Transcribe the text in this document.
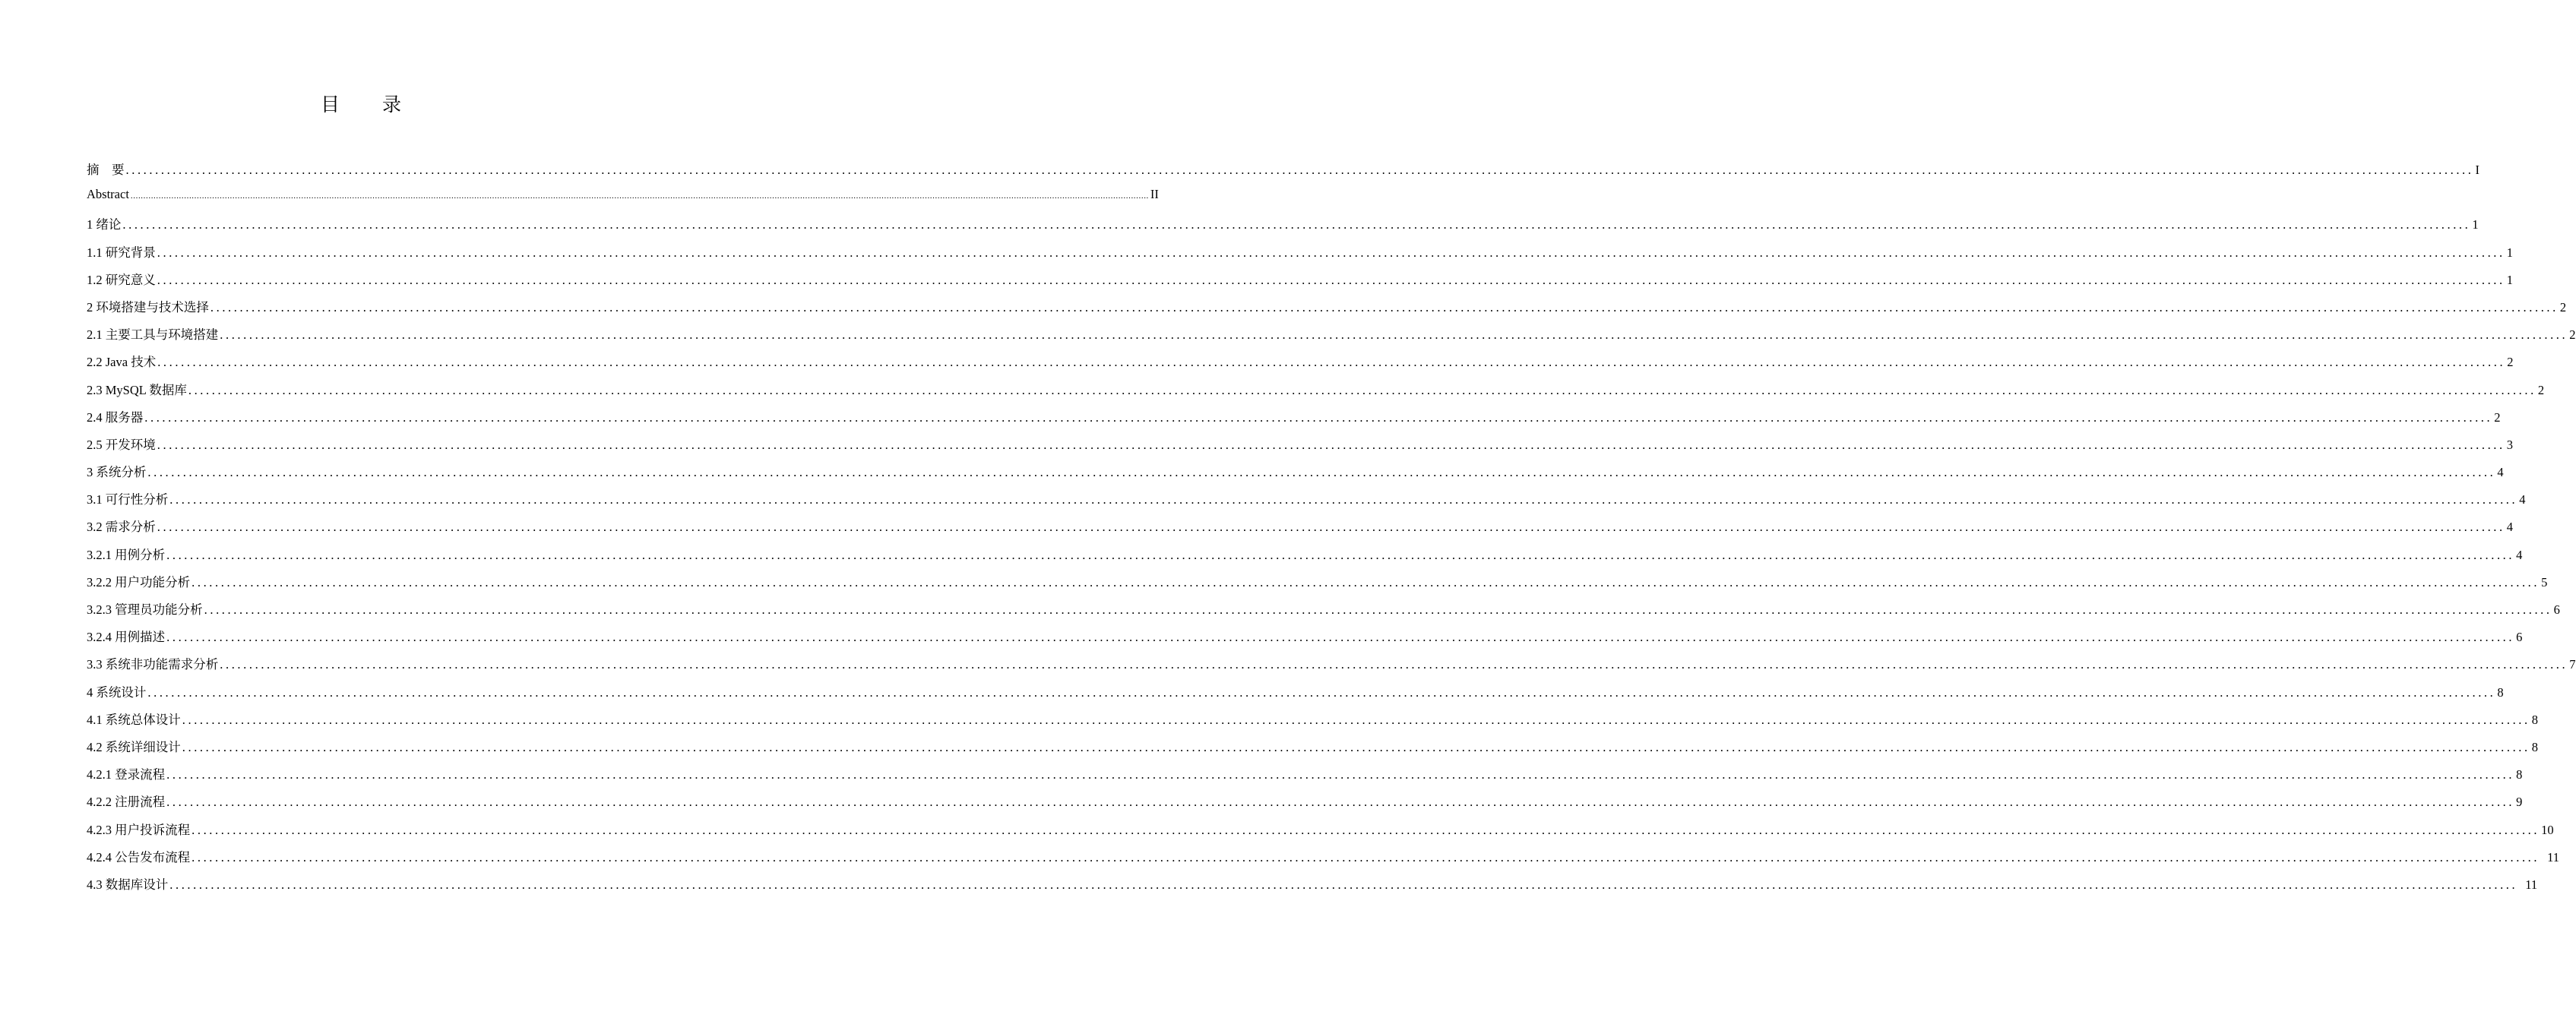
目 录
摘　要 ................................................................................................................................................................................................................................................................................................................................................................................................................ I
Abstract ................................................................................................................................................................................................................................................................................................................................................................................................................ II
1 绪论 ................................................................................................................................................................................................................................................................................................................................................................................................................ 1
1.1 研究背景 ................................................................................................................................................................................................................................................................................................................................................................................................................ 1
1.2 研究意义 ................................................................................................................................................................................................................................................................................................................................................................................................................ 1
2 环境搭建与技术选择 ................................................................................................................................................................................................................................................................................................................................................................................................................ 2
2.1 主要工具与环境搭建 ................................................................................................................................................................................................................................................................................................................................................................................................................ 2
2.2 Java 技术 ................................................................................................................................................................................................................................................................................................................................................................................................................ 2
2.3 MySQL 数据库 ................................................................................................................................................................................................................................................................................................................................................................................................................ 2
2.4 服务器 ................................................................................................................................................................................................................................................................................................................................................................................................................ 2
2.5 开发环境 ................................................................................................................................................................................................................................................................................................................................................................................................................ 3
3 系统分析 ................................................................................................................................................................................................................................................................................................................................................................................................................ 4
3.1 可行性分析 ................................................................................................................................................................................................................................................................................................................................................................................................................ 4
3.2 需求分析 ................................................................................................................................................................................................................................................................................................................................................................................................................ 4
3.2.1 用例分析 ................................................................................................................................................................................................................................................................................................................................................................................................................ 4
3.2.2 用户功能分析 ................................................................................................................................................................................................................................................................................................................................................................................................................ 5
3.2.3 管理员功能分析 ................................................................................................................................................................................................................................................................................................................................................................................................................ 6
3.2.4 用例描述 ................................................................................................................................................................................................................................................................................................................................................................................................................ 6
3.3 系统非功能需求分析 ................................................................................................................................................................................................................................................................................................................................................................................................................ 7
4 系统设计 ................................................................................................................................................................................................................................................................................................................................................................................................................ 8
4.1 系统总体设计 ................................................................................................................................................................................................................................................................................................................................................................................................................ 8
4.2 系统详细设计 ................................................................................................................................................................................................................................................................................................................................................................................................................ 8
4.2.1 登录流程 ................................................................................................................................................................................................................................................................................................................................................................................................................ 8
4.2.2 注册流程 ................................................................................................................................................................................................................................................................................................................................................................................................................ 9
4.2.3 用户投诉流程 ................................................................................................................................................................................................................................................................................................................................................................................................................ 10
4.2.4 公告发布流程 ................................................................................................................................................................................................................................................................................................................................................................................................................ 11
4.3 数据库设计 ................................................................................................................................................................................................................................................................................................................................................................................................................ 11
